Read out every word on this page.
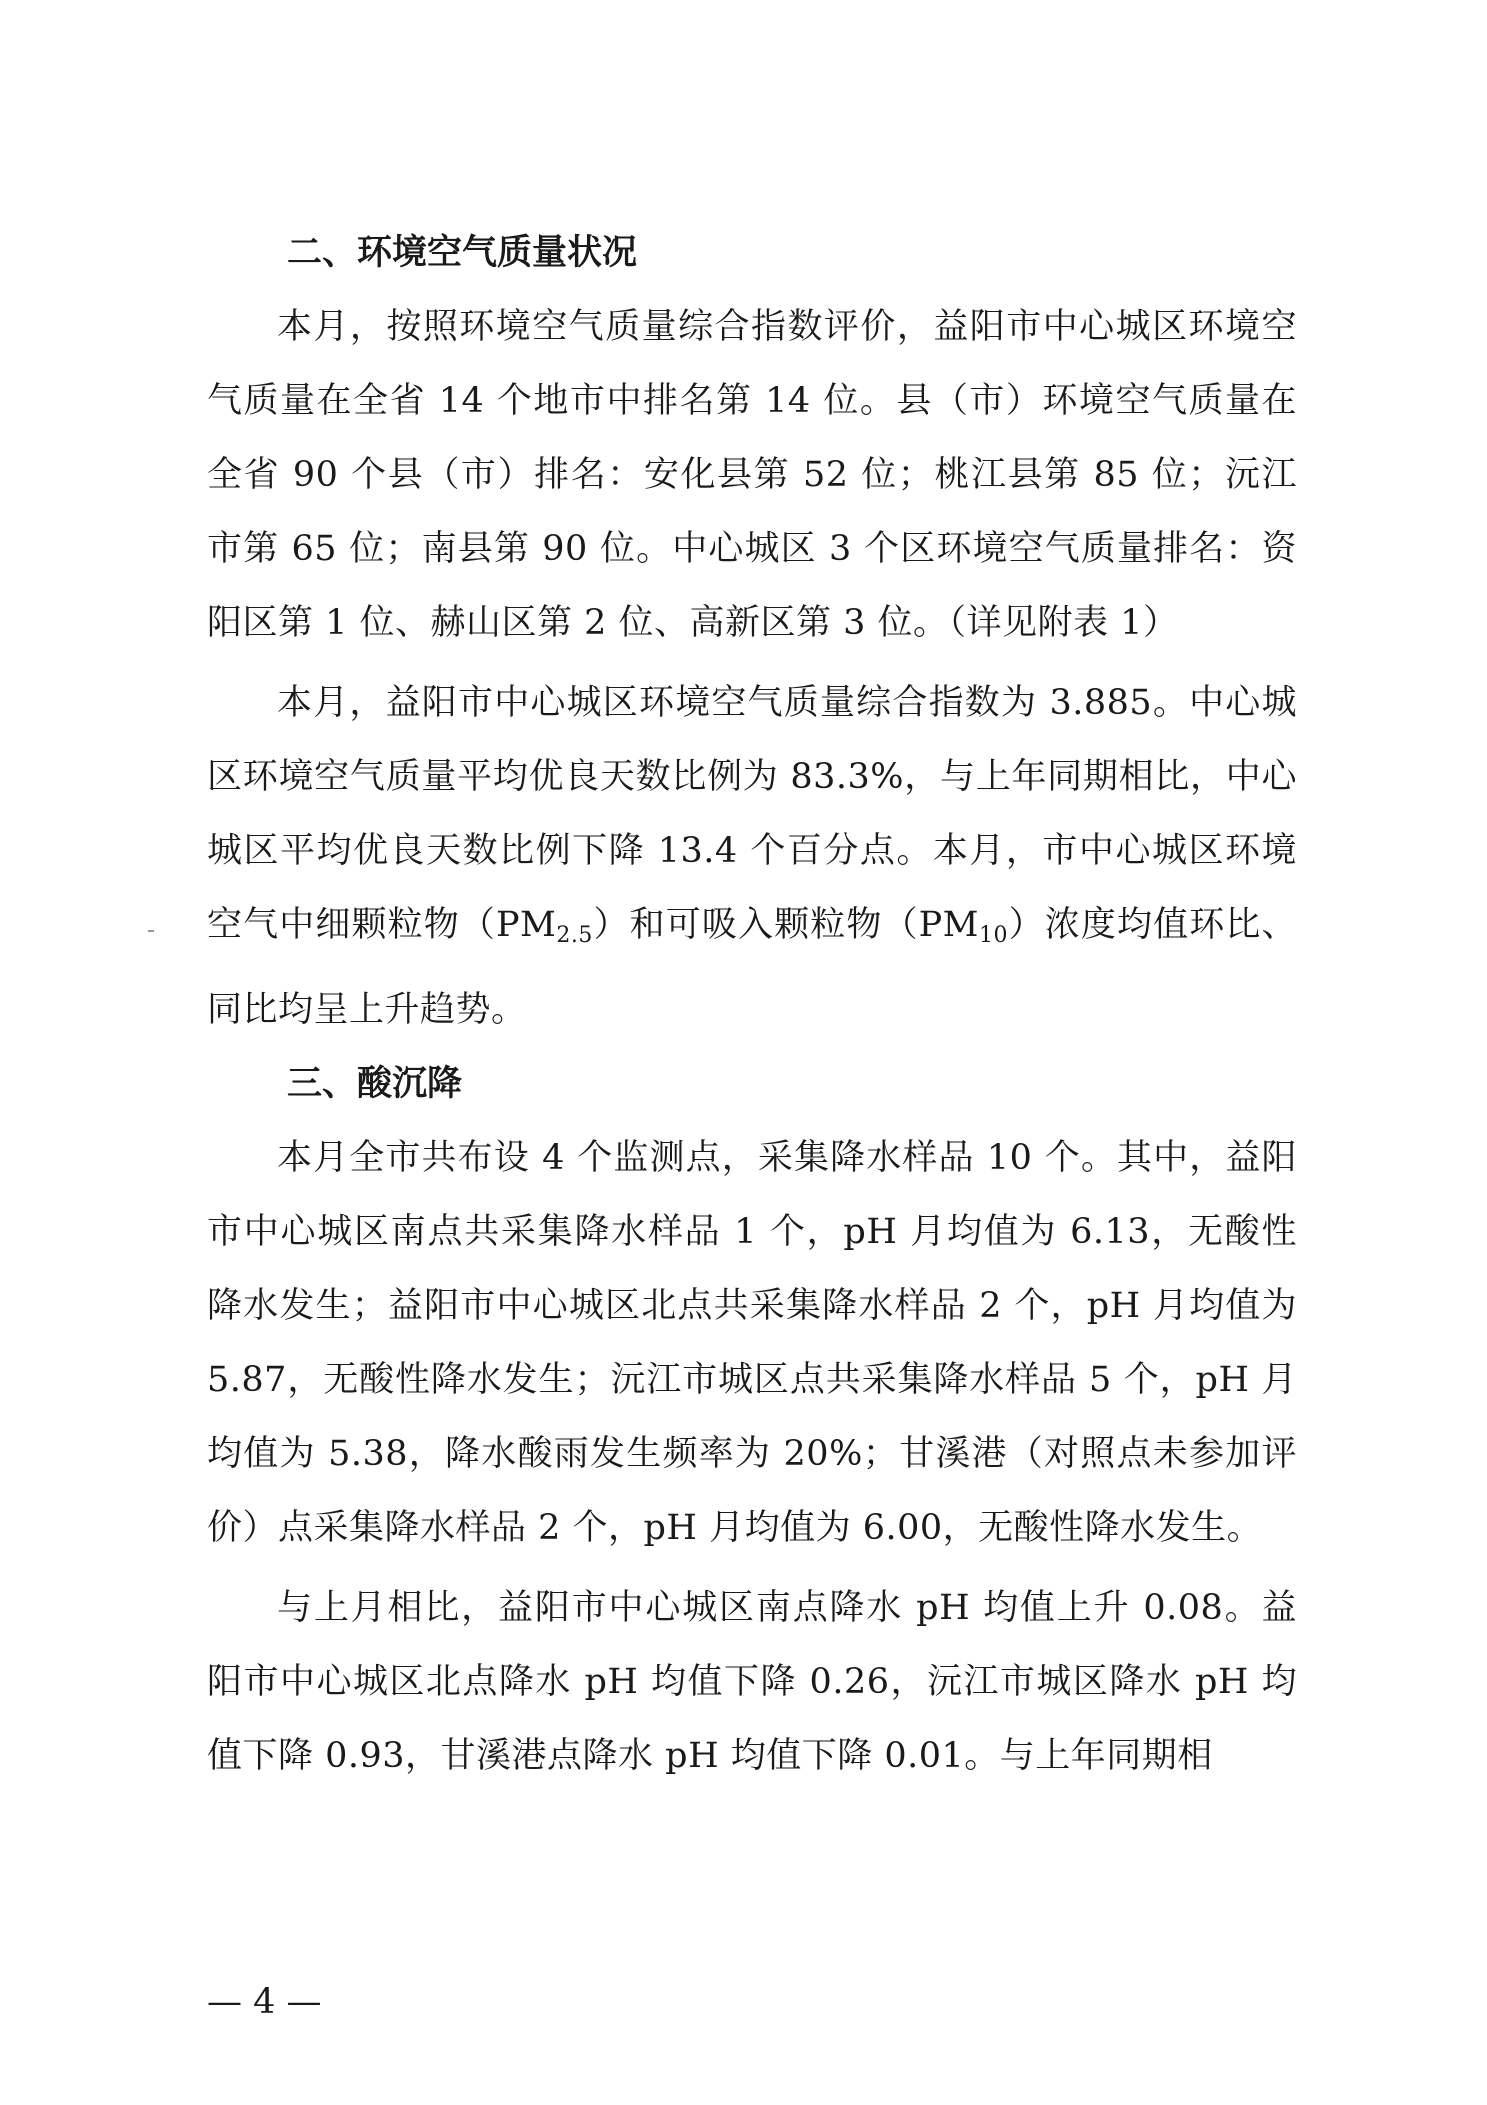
二、环境空气质量状况

本月，按照环境空气质量综合指数评价，益阳市中心城区环境空气质量在全省 14 个地市中排名第 14 位。县（市）环境空气质量在全省 90 个县（市）排名：安化县第 52 位；桃江县第 85 位；沅江市第 65 位；南县第 90 位。中心城区 3 个区环境空气质量排名：资阳区第 1 位、赫山区第 2 位、高新区第 3 位。（详见附表 1）

本月，益阳市中心城区环境空气质量综合指数为 3.885。中心城区环境空气质量平均优良天数比例为 83.3%，与上年同期相比，中心城区平均优良天数比例下降 13.4 个百分点。本月，市中心城区环境空气中细颗粒物$(PM_{2.5})$和可吸入颗粒物$(PM_{10})$浓度均值环比、同比均呈上升趋势。

三、酸沉降

本月全市共布设 4 个监测点，采集降水样品 10 个。其中，益阳市中心城区南点共采集降水样品 1 个，pH 月均值为 6.13，无酸性降水发生；益阳市中心城区北点共采集降水样品 2 个，pH 月均值为 5.87，无酸性降水发生；沅江市城区点共采集降水样品 5 个，pH 月均值为 5.38，降水酸雨发生频率为 20%；甘溪港（对照点未参加评价）点采集降水样品 2 个，pH 月均值为 6.00，无酸性降水发生。

与上月相比，益阳市中心城区南点降水 pH 均值上升 0.08。益阳市中心城区北点降水 pH 均值下降 0.26，沅江市城区降水 pH 均值下降 0.93，甘溪港点降水 pH 均值下降 0.01。与上年同期相

— 4 —
